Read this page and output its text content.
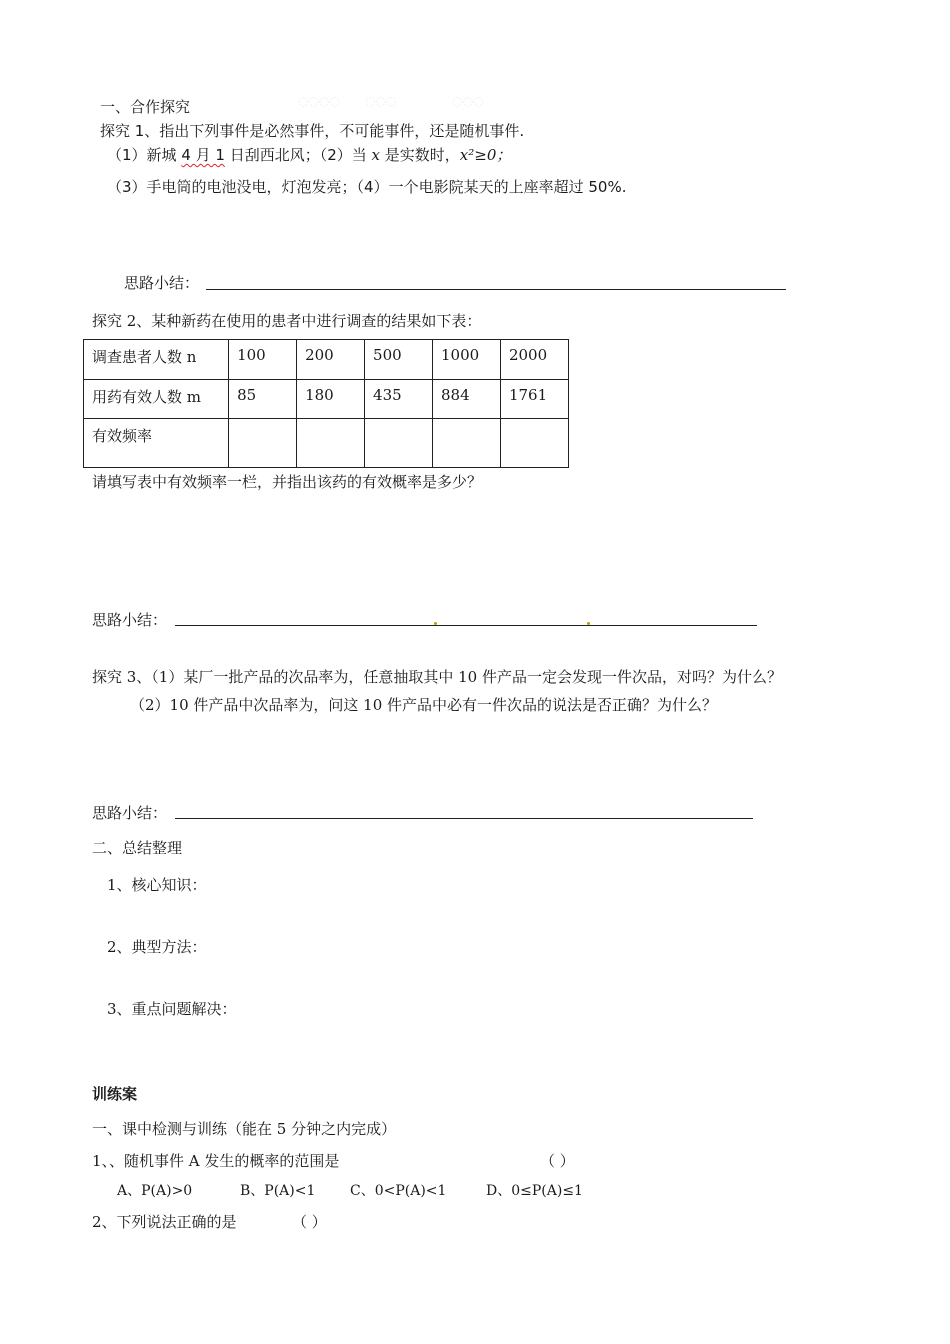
◌◌◌◌ ◌◌◌	◌◌◌
一、合作探究
探究 1、指出下列事件是必然事件，不可能事件，还是随机事件.
（1）新城 4 月 1 日刮西北风；（2）当 x 是实数时，x²≥0；
（3）手电筒的电池没电，灯泡发亮；（4）一个电影院某天的上座率超过 50%.
思路小结：
探究 2、某种新药在使用的患者中进行调查的结果如下表：
调查患者人数 n	100	200	500	1000	2000
用药有效人数 m	85	180	435	884	1761
有效频率					
请填写表中有效频率一栏，并指出该药的有效概率是多少？
思路小结：
探究 3、（1）某厂一批产品的次品率为，任意抽取其中 10 件产品一定会发现一件次品，对吗？为什么？
（2）10 件产品中次品率为，问这 10 件产品中必有一件次品的说法是否正确？为什么？
思路小结：
二、总结整理
1、核心知识：
2、典型方法：
3、重点问题解决：
训练案
一、课中检测与训练（能在 5 分钟之内完成）
1、、随机事件 A 发生的概率的范围是	（ ）
A、P(A)>0	B、P(A)<1 C、0<P(A)<1	D、0≤P(A)≤1
2、下列说法正确的是	（ ）
